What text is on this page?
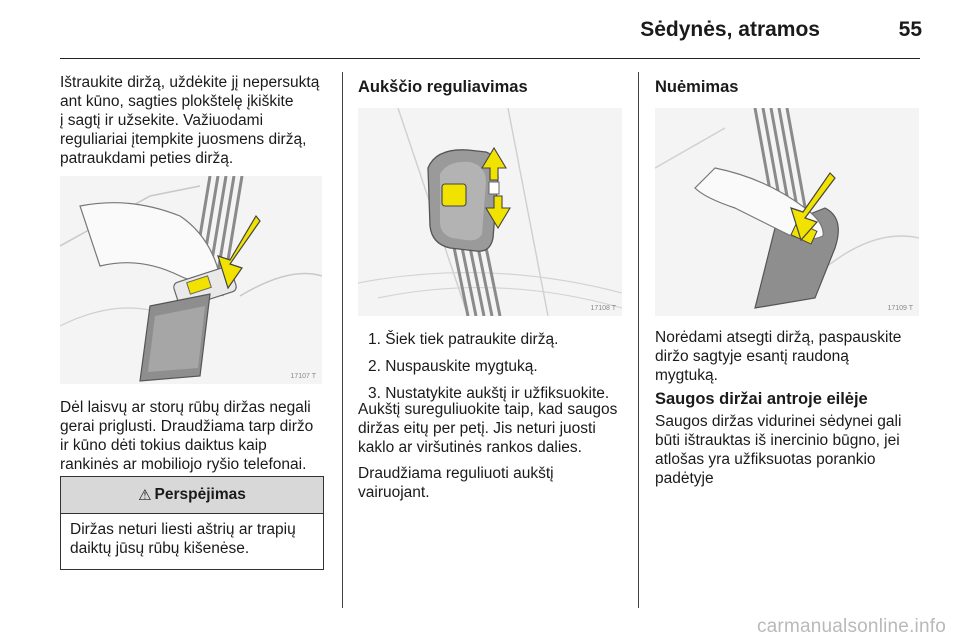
Sėdynės, atramos	55
Ištraukite diržą, uždėkite jį nepersuktą
ant kūno, sagties plokštelę įkiškite
į sagtį ir užsekite. Važiuodami
reguliariai įtempkite juosmens diržą,
patraukdami peties diržą.
17107 T
Dėl laisvų ar storų rūbų diržas negali
gerai priglusti. Draudžiama tarp diržo
ir kūno dėti tokius daiktus kaip
rankinės ar mobiliojo ryšio telefonai.
⚠ Perspėjimas
Diržas neturi liesti aštrių ar trapių
daiktų jūsų rūbų kišenėse.
Aukščio reguliavimas
17108 T
1. Šiek tiek patraukite diržą.
2. Nuspauskite mygtuką.
3. Nustatykite aukštį ir užfiksuokite.
Aukštį sureguliuokite taip, kad saugos
diržas eitų per petį. Jis neturi juosti
kaklo ar viršutinės rankos dalies.
Draudžiama reguliuoti aukštį
vairuojant.
Nuėmimas
17109 T
Norėdami atsegti diržą, paspauskite
diržo sagtyje esantį raudoną
mygtuką.
Saugos diržai antroje eilėje
Saugos diržas vidurinei sėdynei gali
būti ištrauktas iš inercinio būgno, jei
atlošas yra užfiksuotas porankio
padėtyje
carmanualsonline.info
